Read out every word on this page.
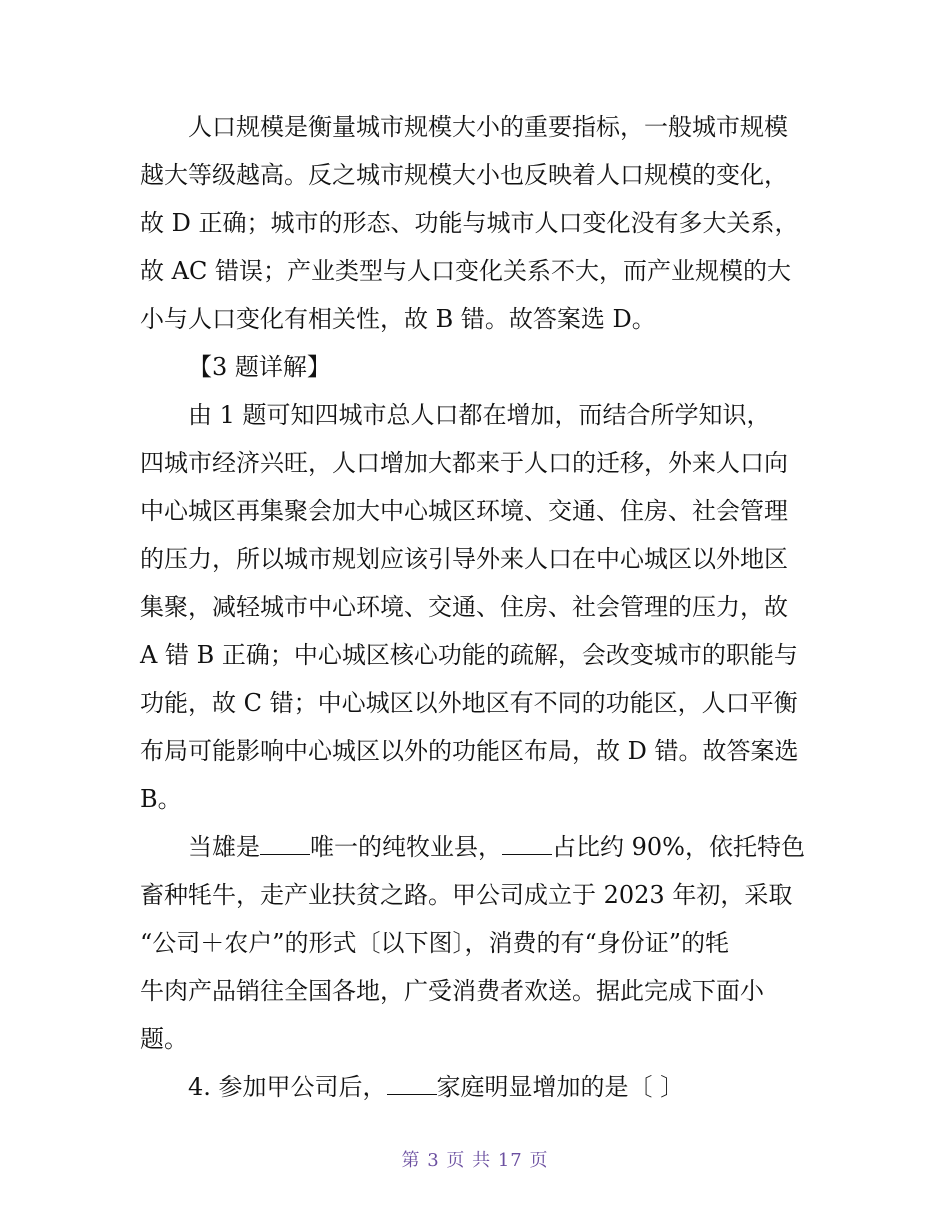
人口规模是衡量城市规模大小的重要指标，一般城市规模
越大等级越高。反之城市规模大小也反映着人口规模的变化，
故 D 正确；城市的形态、功能与城市人口变化没有多大关系，
故 AC 错误；产业类型与人口变化关系不大，而产业规模的大
小与人口变化有相关性，故 B 错。故答案选 D。

【3 题详解】

由 1 题可知四城市总人口都在增加，而结合所学知识，
四城市经济兴旺，人口增加大都来于人口的迁移，外来人口向
中心城区再集聚会加大中心城区环境、交通、住房、社会管理
的压力，所以城市规划应该引导外来人口在中心城区以外地区
集聚，减轻城市中心环境、交通、住房、社会管理的压力，故
A 错 B 正确；中心城区核心功能的疏解，会改变城市的职能与
功能，故 C 错；中心城区以外地区有不同的功能区，人口平衡
布局可能影响中心城区以外的功能区布局，故 D 错。故答案选
B。

当雄是 唯一的纯牧业县， 占比约 90%，依托特色
畜种牦牛，走产业扶贫之路。甲公司成立于 2023 年初，采取
“公司＋农户”的形式〔以下图〕，消费的有“身份证”的牦
牛肉产品销往全国各地，广受消费者欢送。据此完成下面小
题。

4. 参加甲公司后， 家庭明显增加的是〔 〕

第 3 页 共 17 页
